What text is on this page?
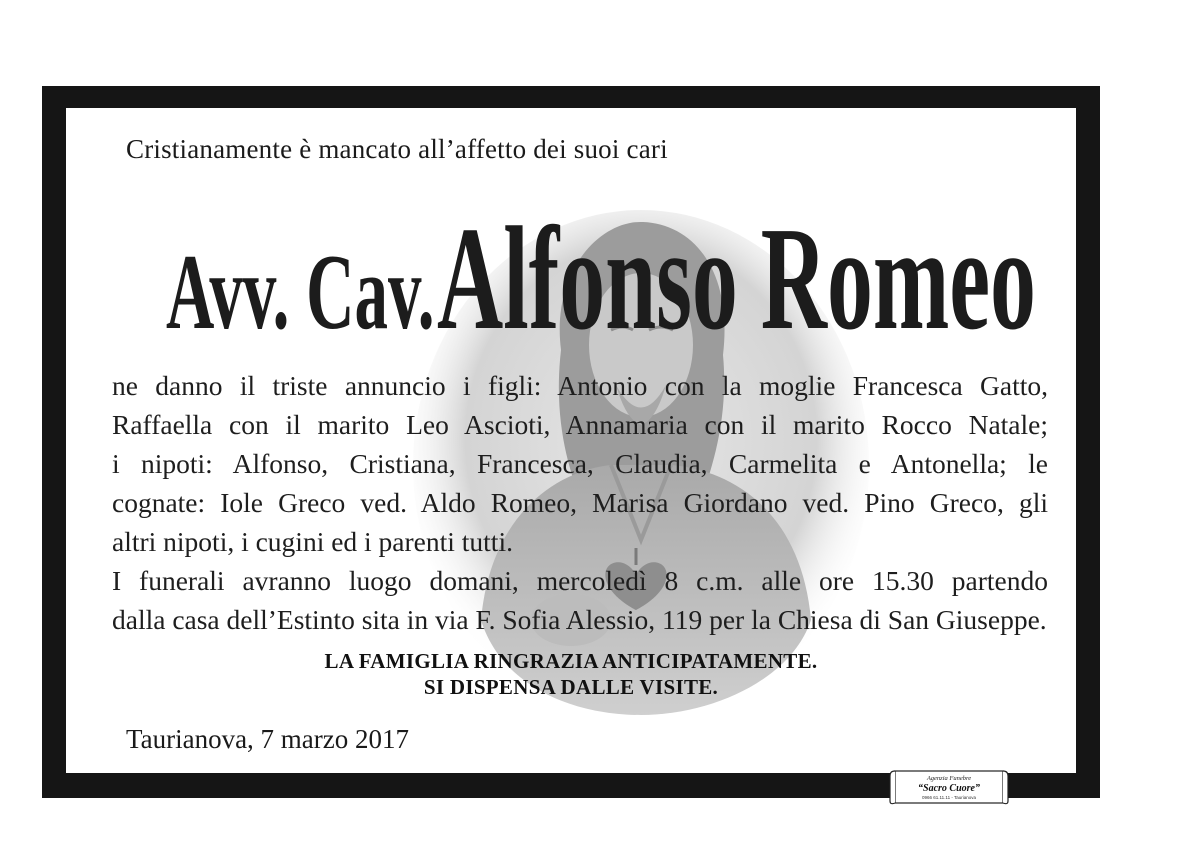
Cristianamente è mancato all’affetto dei suoi cari
Avv. Cav. Alfonso Romeo

ne danno il triste annuncio i figli: Antonio con la moglie Francesca Gatto,

Raffaella con il marito Leo Ascioti, Annamaria con il marito Rocco Natale;

i nipoti: Alfonso, Cristiana, Francesca, Claudia, Carmelita e Antonella; le

cognate: Iole Greco ved. Aldo Romeo, Marisa Giordano ved. Pino Greco, gli

altri nipoti, i cugini ed i parenti tutti.

I funerali avranno luogo domani, mercoledì 8 c.m. alle ore 15.30 partendo

dalla casa dell’Estinto sita in via F. Sofia Alessio, 119 per la Chiesa di San Giuseppe.

LA FAMIGLIA RINGRAZIA ANTICIPATAMENTE.
SI DISPENSA DALLE VISITE.
Taurianova, 7 marzo 2017
Agenzia Funebre
“Sacro Cuore”
0966 61.11.11 - Taurianova
